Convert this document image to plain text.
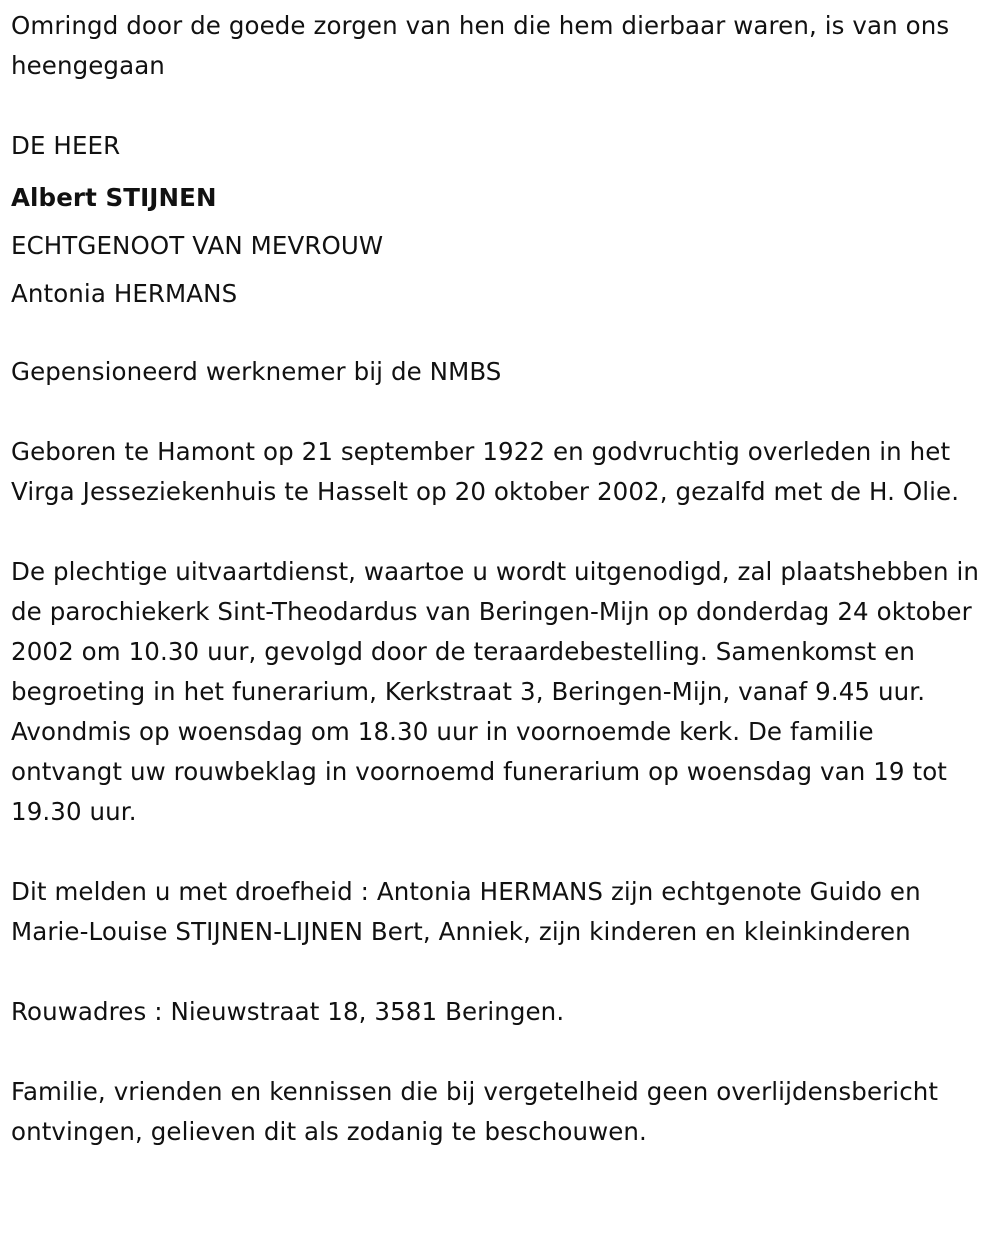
Omringd door de goede zorgen van hen die hem dierbaar waren, is van ons heengegaan

DE HEER
Albert STIJNEN
ECHTGENOOT VAN MEVROUW
Antonia HERMANS

Gepensioneerd werknemer bij de NMBS

Geboren te Hamont op 21 september 1922 en godvruchtig overleden in het Virga Jesseziekenhuis te Hasselt op 20 oktober 2002, gezalfd met de H. Olie.

De plechtige uitvaartdienst, waartoe u wordt uitgenodigd, zal plaatshebben in de parochiekerk Sint-Theodardus van Beringen-Mijn op donderdag 24 oktober 2002 om 10.30 uur, gevolgd door de teraardebestelling. Samenkomst en begroeting in het funerarium, Kerkstraat 3, Beringen-Mijn, vanaf 9.45 uur. Avondmis op woensdag om 18.30 uur in voornoemde kerk. De familie ontvangt uw rouwbeklag in voornoemd funerarium op woensdag van 19 tot 19.30 uur.

Dit melden u met droefheid : Antonia HERMANS zijn echtgenote Guido en Marie-Louise STIJNEN-LIJNEN Bert, Anniek, zijn kinderen en kleinkinderen

Rouwadres : Nieuwstraat 18, 3581 Beringen.

Familie, vrienden en kennissen die bij vergetelheid geen overlijdensbericht ontvingen, gelieven dit als zodanig te beschouwen.
